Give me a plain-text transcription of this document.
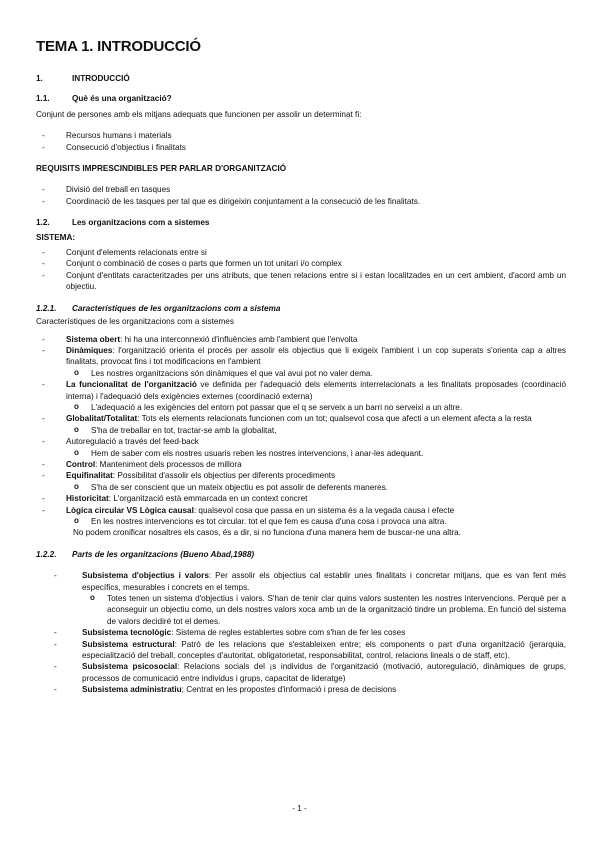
TEMA 1. INTRODUCCIÓ
1.	INTRODUCCIÓ
1.1.	Què és una organització?

Conjunt de persones amb els mitjans adequats que funcionen per assolir un determinat fi:

- Recursos humans i materials
- Consecució d'objectius i finalitats
REQUISITS IMPRESCINDIBLES PER PARLAR D'ORGANITZACIÓ
- Divisió del treball en tasques
- Coordinació de les tasques per tal que es dirigeixin conjuntament a la consecució de les finalitats.
1.2.	Les organitzacions com a sistemes
SISTEMA:
- Conjunt d'elements relacionats entre si
- Conjunt o combinació de coses o parts que formen un tot unitari i/o complex
- Conjunt d'entitats caracteritzades per uns atributs, que tenen relacions entre si i estan localitzades en un cert ambient, d'acord amb un objectiu.
1.2.1. Característiques de les organitzacions com a sistema

Característiques de les organitzacions com a sistemes

- Sistema obert: hi ha una interconnexió d'influències amb l'ambient que l'envolta
- Dinàmiques: l'organització orienta el procés per assolir els objectius que li exigeix l'ambient i un cop superats s'orienta cap a altres finalitats, provocat fins i tot modificacions en l'ambient
o Les nostres organitzacions són dinàmiques el que val avui pot no valer dema.
- La funcionalitat de l'organització ve definida per l'adequació dels elements interrelacionats a les finalitats proposades (coordinació interna) i l'adequació dels exigències externes (coordinació externa)
o L'adequació a les exigències del entorn pot passar que el q se serveix a un barri no serveixi a un altre.
- Globalitat/Totalitat: Tots els elements relacionats funcionen com un tot; qualsevol cosa que afecti a un element afecta a la resta
o S'ha de treballar en tot, tractar-se amb la globalitat,
- Autoregulació a través del feed-back
o Hem de saber com els nostres usuaris reben les nostres intervencions, i anar-les adequant.
- Control: Manteniment dels processos de millora
- Equifinalitat: Possibilitat d'assolir els objectius per diferents procediments
o S'ha de ser conscient que un mateix objectiu es pot assolir de deferents maneres.
- Historicitat: L'organització està emmarcada en un context concret
- Lògica circular VS Lògica causal: qualsevol cosa que passa en un sistema és a la vegada causa i efecte
o En les nostres intervencions es tot circular. tot el que fem es causa d'una cosa i provoca una altra.

No podem cronificar nosaltres els casos, és a dir, si no funciona d'una manera hem de buscar-ne una altra.

1.2.2. Parts de les organitzacions (Bueno Abad,1988)
- Subsistema d'objectius i valors: Per assolir els objectius cal establir unes finalitats i concretar mitjans, que es van fent més específics, mesurables i concrets en el temps.
o Totes tenen un sistema d'objectius i valors. S'han de tenir clar quins valors sustenten les nostres intervencions. Perquè per a aconseguir un objectiu como, un dels nostres valors xoca amb un de la organització tindre un problema. En funció del sistema de valors decidiré tot el demes.
- Subsistema tecnològic: Sistema de regles establertes sobre com s'han de fer les coses
- Subsistema estructural: Patró de les relacions que s'estableixen entre; els components o part d'una organització (jerarquia, especialització del treball, conceptes d'autoritat, obligatorietat, responsabilitat, control, relacions lineals o de staff, etc).
- Subsistema psicosocial: Relacions socials del ¡s individus de l'organització (motivació, autoregulació, dinàmiques de grups, processos de comunicació entre individus i grups, capacitat de lideratge)
- Subsistema administratiu; Centrat en les propostes d'informació i presa de decisions
- 1 -
